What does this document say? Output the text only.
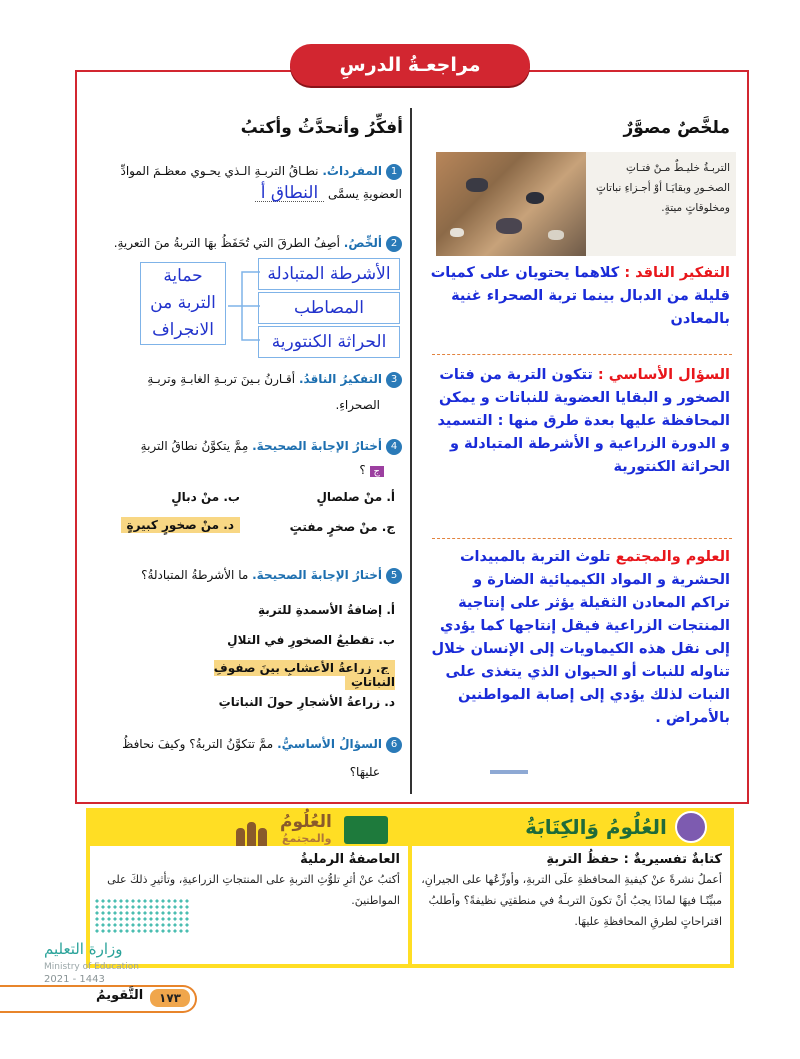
مراجعـةُ الدرسِ
أفكِّرُ وأتحدَّثُ وأكتبُ
1المفرداتُ. نطـاقُ التربـةِ الـذي يحـوي معظـمَ الموادِّ
العضويةِ يسمَّى النطاق أ
2ألخِّصُ. أصِفُ الطرقَ التي تُحَفَظُ بهَا التربةُ منَ التعريةِ.
حماية
التربة من
الانجراف
الأشرطة المتبادلة
المصاطب
الحراثة الكنتورية
3التفكيرُ الناقدُ. أقـارنُ بـينَ تربـةِ الغابـةِ وتربـةِ
الصحراءِ.
4أختارُ الإجابةَ الصحيحةَ. مِمَّ يتكوَّنُ نطاقُ التربةِ
ج ؟
أ. منْ صلصالٍ
ب. منْ دبالٍ
ج. منْ صخرٍ مفتتٍ
د. منْ صخورٍ كبيرةٍ
5أختارُ الإجابةَ الصحيحةَ. ما الأشرطةُ المتبادلةُ؟
أ. إضافةُ الأسمدةِ للتربةِ
ب. تقطيعُ الصخورِ في التلالِ
ج. زراعةُ الأعشابِ بينَ صفوفِ النباتاتِ
د. زراعةُ الأشجارِ حولَ النباتاتِ
6السؤالُ الأساسيُّ. ممَّ تتكوَّنُ التربةُ؟ وكيفَ نحافظُ
عليهَا؟
ملخَّصٌ مصوَّرٌ
التربـةُ خليـطٌ مـنْ فتـاتِ الصخـورِ وبقايَـا أوْ أجـزاءِ نباتاتٍ ومخلوقاتٍ ميتةٍ.
التفكير الناقد : كلاهما يحتويان على كميات قليلة من الدبال بينما تربة الصحراء غنية بالمعادن
السؤال الأساسي : تتكون التربة من فتات الصخور و البقايا العضوية للنباتات و يمكن المحافظة عليها بعدة طرق منها : التسميد و الدورة الزراعية و الأشرطة المتبادلة و الحراثة الكنتورية
العلوم والمجتمع تلوث التربة بالمبيدات الحشرية و المواد الكيميائية الضارة و تراكم المعادن الثقيلة يؤثر على إنتاجية المنتجات الزراعية فيقل إنتاجها كما يؤدي إلى نقل هذه الكيماويات إلى الإنسان خلال تناوله للنبات أو الحيوان الذي يتغذى على النبات لذلك يؤدي إلى إصابة المواطنين بالأمراض .
العُلُومُ وَالكِتَابَةُ
العُلُومُ
والمجتمعُ
كتابةٌ تفسيريةٌ : حفظُ التربةِ
أعملُ نشرةً عنْ كيفيةِ المحافظةِ علَى التربةِ، وأوزِّعُها على الجيرانِ، مبيِّنًـا فيهَا لماذَا يجبُ أنْ تكونَ التربـةُ في منطقتِي نظيفةً؟ وأطلبُ اقتراحاتٍ لطرقِ المحافظةِ عليهَا.
العاصفةُ الرمليةُ
أكتبُ عنْ أثرِ تلوُّثِ التربةِ على المنتجاتِ الزراعيةِ، وتأثيرِ ذلكَ على المواطنينَ.
وزارة التعليم
Ministry of Education
2021 - 1443
١٧٣
التَّقويمُ
